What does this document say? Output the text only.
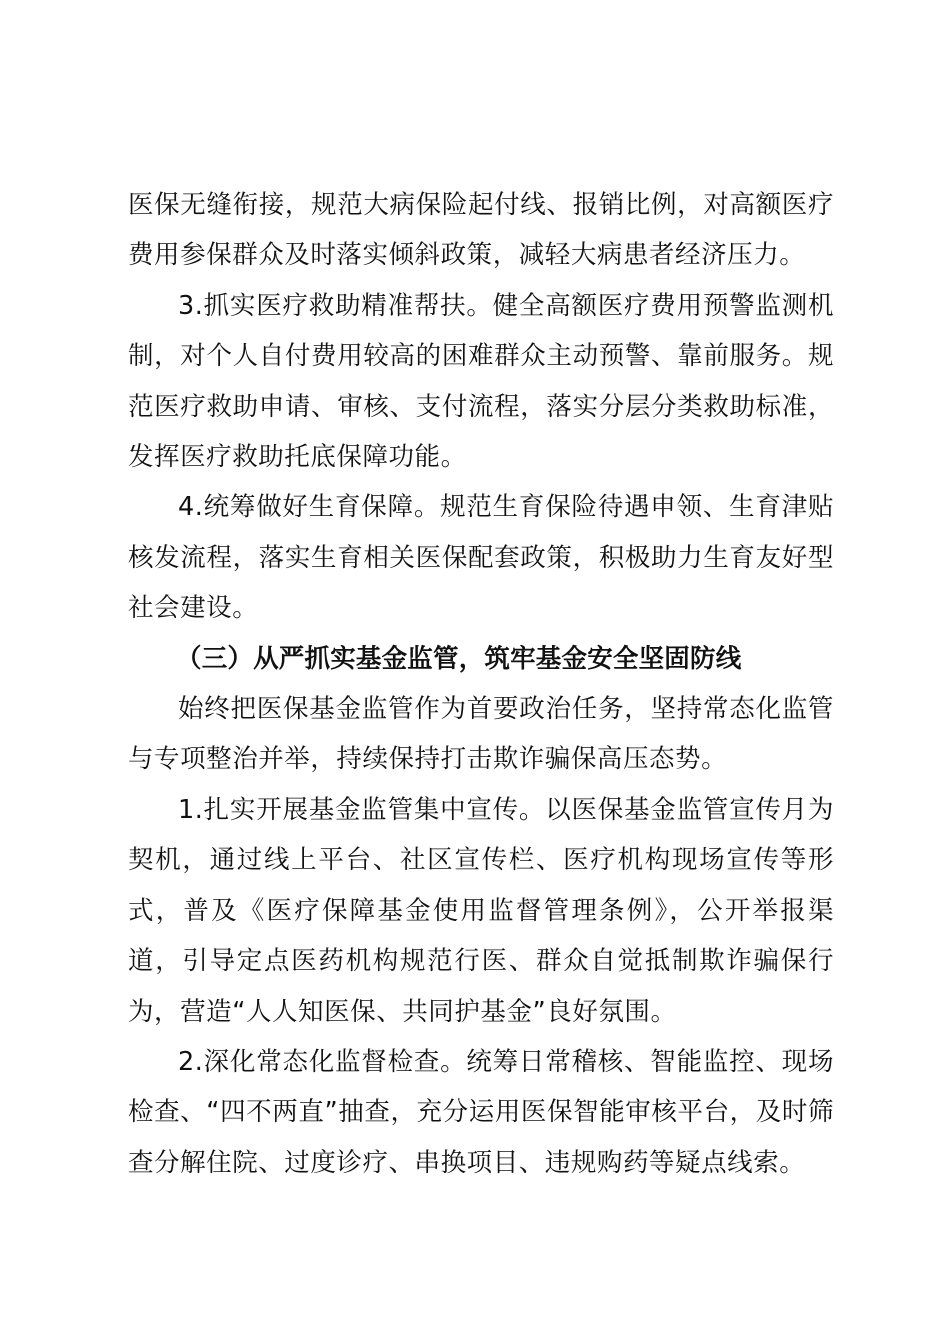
医保无缝衔接，规范大病保险起付线、报销比例，对高额医疗费用参保群众及时落实倾斜政策，减轻大病患者经济压力。

3.抓实医疗救助精准帮扶。健全高额医疗费用预警监测机制，对个人自付费用较高的困难群众主动预警、靠前服务。规范医疗救助申请、审核、支付流程，落实分层分类救助标准，发挥医疗救助托底保障功能。

4.统筹做好生育保障。规范生育保险待遇申领、生育津贴核发流程，落实生育相关医保配套政策，积极助力生育友好型社会建设。

（三）从严抓实基金监管，筑牢基金安全坚固防线

始终把医保基金监管作为首要政治任务，坚持常态化监管与专项整治并举，持续保持打击欺诈骗保高压态势。

1.扎实开展基金监管集中宣传。以医保基金监管宣传月为契机，通过线上平台、社区宣传栏、医疗机构现场宣传等形式，普及《医疗保障基金使用监督管理条例》，公开举报渠道，引导定点医药机构规范行医、群众自觉抵制欺诈骗保行为，营造“人人知医保、共同护基金”良好氛围。

2.深化常态化监督检查。统筹日常稽核、智能监控、现场检查、“四不两直”抽查，充分运用医保智能审核平台，及时筛查分解住院、过度诊疗、串换项目、违规购药等疑点线索。
